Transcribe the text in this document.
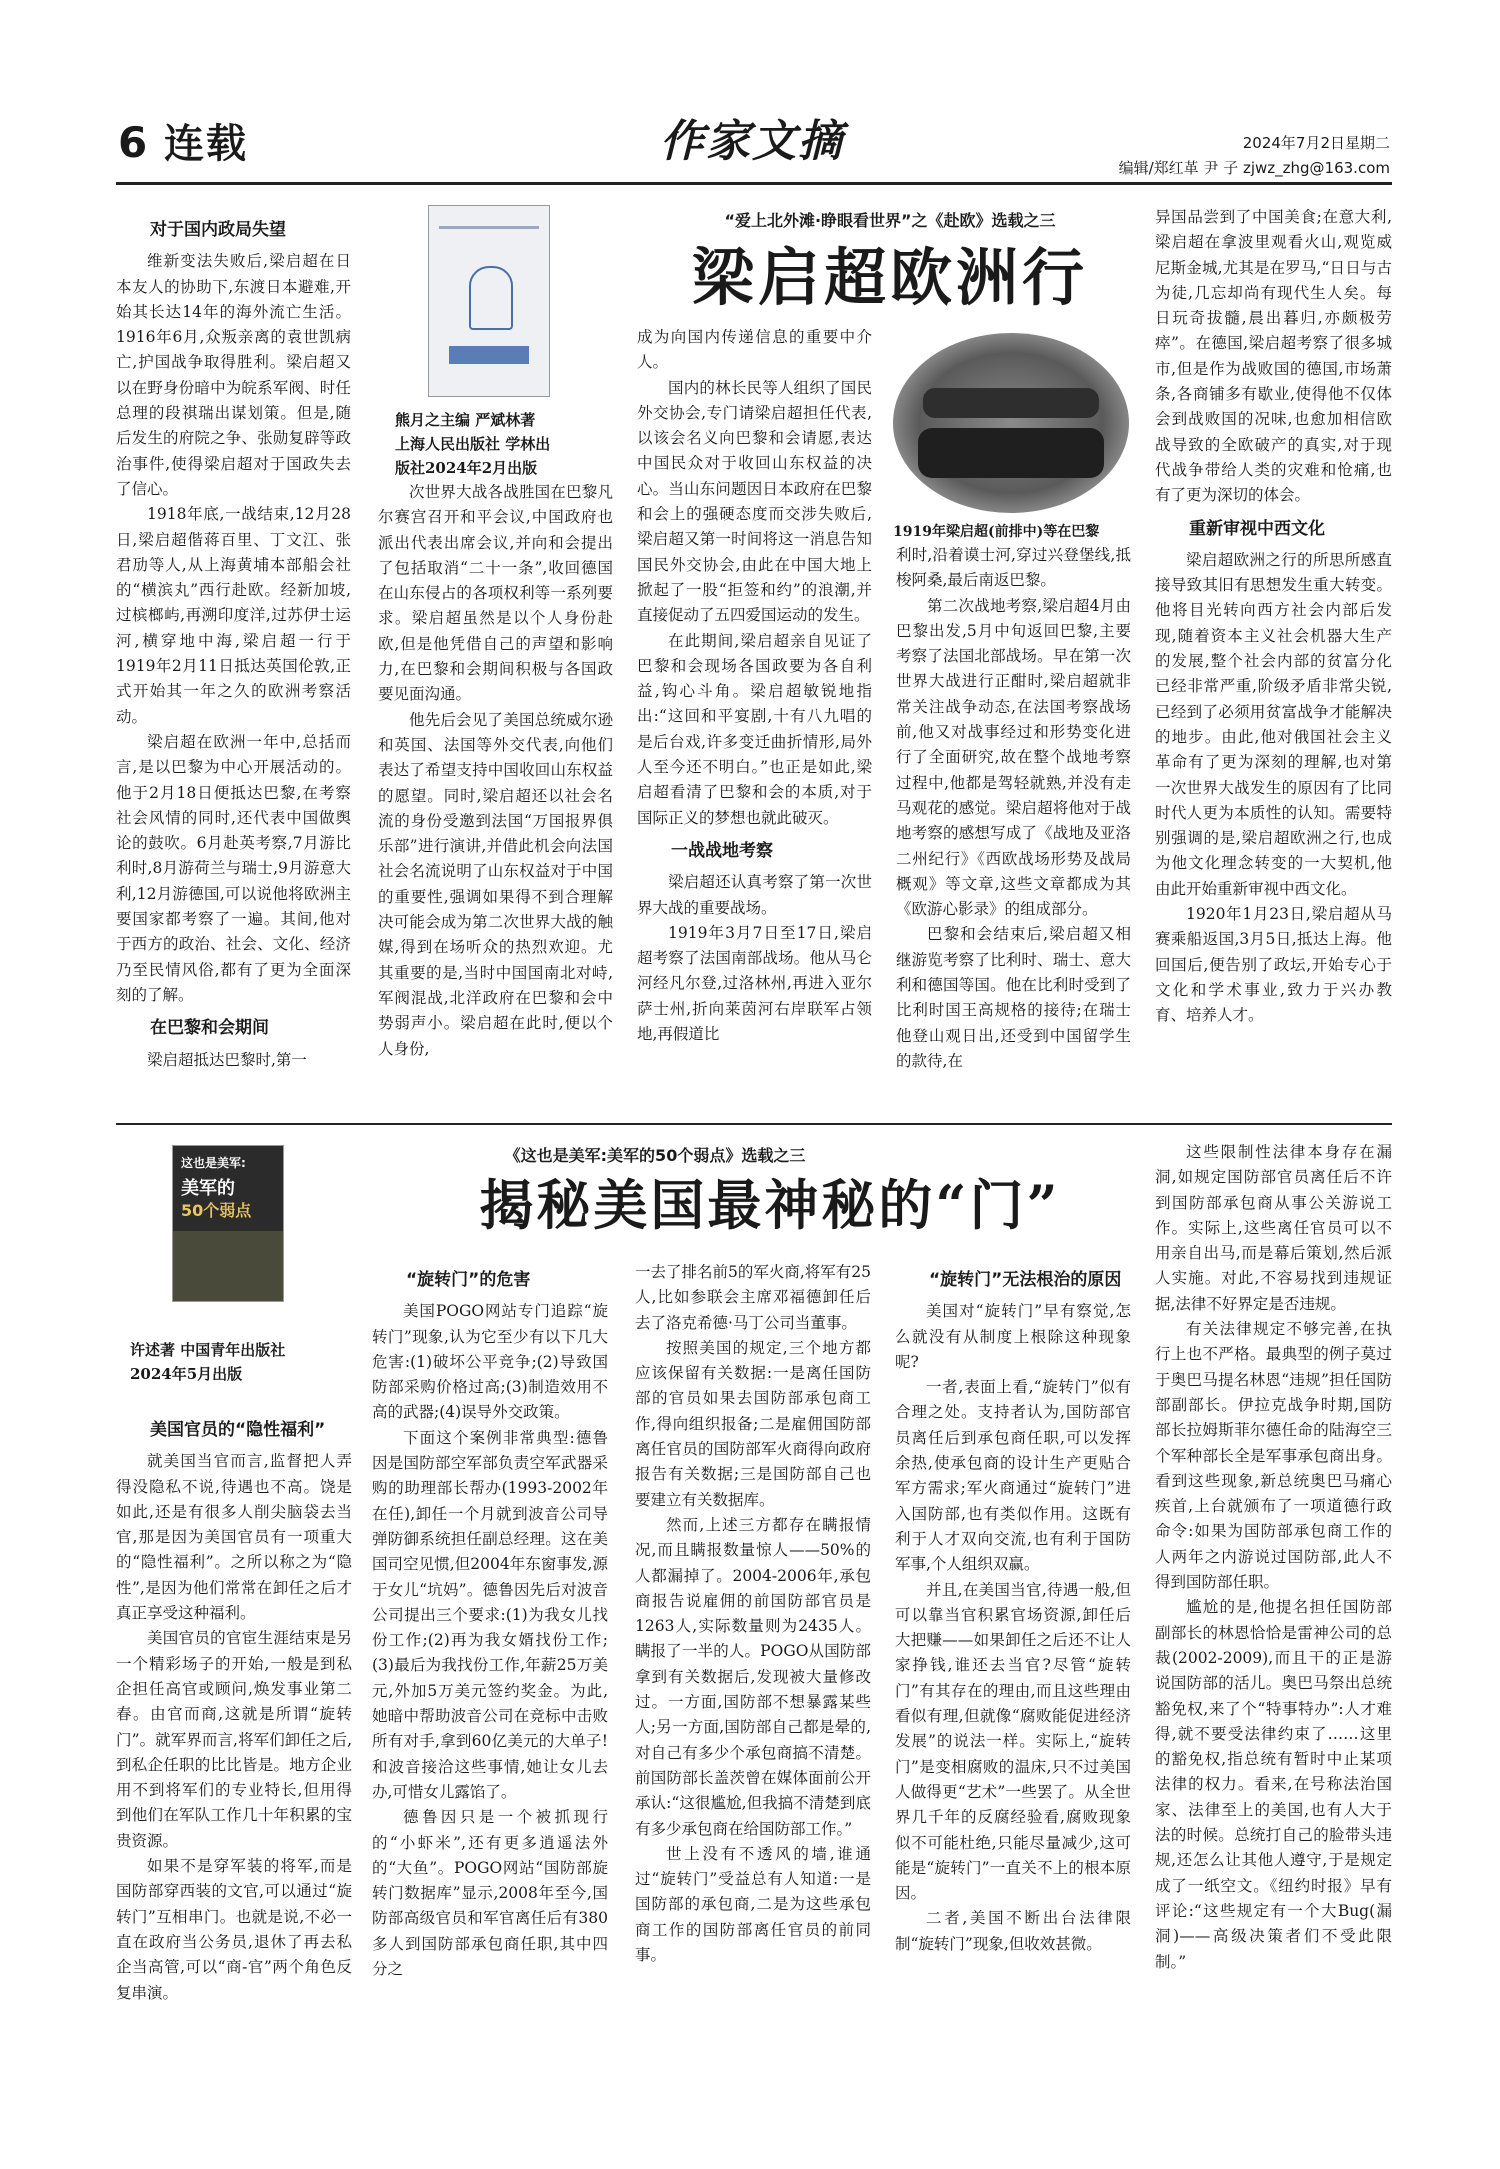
6 连载	作家文摘	2024年7月2日星期二
编辑/郑红革 尹 子 zjwz_zhg@163.com
对于国内政局失望

维新变法失败后,梁启超在日本友人的协助下,东渡日本避难,开始其长达14年的海外流亡生活。1916年6月,众叛亲离的袁世凯病亡,护国战争取得胜利。梁启超又以在野身份暗中为皖系军阀、时任总理的段祺瑞出谋划策。但是,随后发生的府院之争、张勋复辟等政治事件,使得梁启超对于国政失去了信心。

1918年底,一战结束,12月28日,梁启超偕蒋百里、丁文江、张君劢等人,从上海黄埔本部船会社的“横滨丸”西行赴欧。经新加坡,过槟榔屿,再溯印度洋,过苏伊士运河,横穿地中海,梁启超一行于1919年2月11日抵达英国伦敦,正式开始其一年之久的欧洲考察活动。

梁启超在欧洲一年中,总括而言,是以巴黎为中心开展活动的。他于2月18日便抵达巴黎,在考察社会风情的同时,还代表中国做舆论的鼓吹。6月赴英考察,7月游比利时,8月游荷兰与瑞士,9月游意大利,12月游德国,可以说他将欧洲主要国家都考察了一遍。其间,他对于西方的政治、社会、文化、经济乃至民情风俗,都有了更为全面深刻的了解。

在巴黎和会期间

梁启超抵达巴黎时,第一

熊月之主编 严斌林著
上海人民出版社 学林出
版社2024年2月出版

次世界大战各战胜国在巴黎凡尔赛宫召开和平会议,中国政府也派出代表出席会议,并向和会提出了包括取消“二十一条”,收回德国在山东侵占的各项权利等一系列要求。梁启超虽然是以个人身份赴欧,但是他凭借自己的声望和影响力,在巴黎和会期间积极与各国政要见面沟通。

他先后会见了美国总统威尔逊和英国、法国等外交代表,向他们表达了希望支持中国收回山东权益的愿望。同时,梁启超还以社会名流的身份受邀到法国“万国报界俱乐部”进行演讲,并借此机会向法国社会名流说明了山东权益对于中国的重要性,强调如果得不到合理解决可能会成为第二次世界大战的触媒,得到在场听众的热烈欢迎。尤其重要的是,当时中国国南北对峙,军阀混战,北洋政府在巴黎和会中势弱声小。梁启超在此时,便以个人身份,

“爱上北外滩·睁眼看世界”之《赴欧》选载之三
梁启超欧洲行

成为向国内传递信息的重要中介人。

国内的林长民等人组织了国民外交协会,专门请梁启超担任代表,以该会名义向巴黎和会请愿,表达中国民众对于收回山东权益的决心。当山东问题因日本政府在巴黎和会上的强硬态度而交涉失败后,梁启超又第一时间将这一消息告知国民外交协会,由此在中国大地上掀起了一股“拒签和约”的浪潮,并直接促动了五四爱国运动的发生。

在此期间,梁启超亲自见证了巴黎和会现场各国政要为各自利益,钩心斗角。梁启超敏锐地指出:“这回和平宴剧,十有八九唱的是后台戏,许多变迁曲折情形,局外人至今还不明白。”也正是如此,梁启超看清了巴黎和会的本质,对于国际正义的梦想也就此破灭。

一战战地考察

梁启超还认真考察了第一次世界大战的重要战场。

1919年3月7日至17日,梁启超考察了法国南部战场。他从马仑河经凡尔登,过洛林州,再进入亚尔萨士州,折向莱茵河右岸联军占领地,再假道比

1919年梁启超(前排中)等在巴黎

利时,沿着谟士河,穿过兴登堡线,抵梭阿桑,最后南返巴黎。

第二次战地考察,梁启超4月由巴黎出发,5月中旬返回巴黎,主要考察了法国北部战场。早在第一次世界大战进行正酣时,梁启超就非常关注战争动态,在法国考察战场前,他又对战事经过和形势变化进行了全面研究,故在整个战地考察过程中,他都是驾轻就熟,并没有走马观花的感觉。梁启超将他对于战地考察的感想写成了《战地及亚洛二州纪行》《西欧战场形势及战局概观》等文章,这些文章都成为其《欧游心影录》的组成部分。

巴黎和会结束后,梁启超又相继游览考察了比利时、瑞士、意大利和德国等国。他在比利时受到了比利时国王高规格的接待;在瑞士他登山观日出,还受到中国留学生的款待,在

异国品尝到了中国美食;在意大利,梁启超在拿波里观看火山,观览威尼斯金城,尤其是在罗马,“日日与古为徒,几忘却尚有现代生人矣。每日玩奇拔髓,晨出暮归,亦颇极劳瘁”。在德国,梁启超考察了很多城市,但是作为战败国的德国,市场萧条,各商铺多有歇业,使得他不仅体会到战败国的况味,也愈加相信欧战导致的全欧破产的真实,对于现代战争带给人类的灾难和怆痛,也有了更为深切的体会。

重新审视中西文化

梁启超欧洲之行的所思所感直接导致其旧有思想发生重大转变。他将目光转向西方社会内部后发现,随着资本主义社会机器大生产的发展,整个社会内部的贫富分化已经非常严重,阶级矛盾非常尖锐,已经到了必须用贫富战争才能解决的地步。由此,他对俄国社会主义革命有了更为深刻的理解,也对第一次世界大战发生的原因有了比同时代人更为本质性的认知。需要特别强调的是,梁启超欧洲之行,也成为他文化理念转变的一大契机,他由此开始重新审视中西文化。

1920年1月23日,梁启超从马赛乘船返国,3月5日,抵达上海。他回国后,便告别了政坛,开始专心于文化和学术事业,致力于兴办教育、培养人才。

这也是美军:
美军的
50个弱点
许述著 中国青年出版社
2024年5月出版
《这也是美军:美军的50个弱点》选载之三
揭秘美国最神秘的“门”
美国官员的“隐性福利”

就美国当官而言,监督把人弄得没隐私不说,待遇也不高。饶是如此,还是有很多人削尖脑袋去当官,那是因为美国官员有一项重大的“隐性福利”。之所以称之为“隐性”,是因为他们常常在卸任之后才真正享受这种福利。

美国官员的官宦生涯结束是另一个精彩场子的开始,一般是到私企担任高官或顾问,焕发事业第二春。由官而商,这就是所谓“旋转门”。就军界而言,将军们卸任之后,到私企任职的比比皆是。地方企业用不到将军们的专业特长,但用得到他们在军队工作几十年积累的宝贵资源。

如果不是穿军装的将军,而是国防部穿西装的文官,可以通过“旋转门”互相串门。也就是说,不必一直在政府当公务员,退休了再去私企当高管,可以“商-官”两个角色反复串演。

“旋转门”的危害

美国POGO网站专门追踪“旋转门”现象,认为它至少有以下几大危害:(1)破坏公平竞争;(2)导致国防部采购价格过高;(3)制造效用不高的武器;(4)误导外交政策。

下面这个案例非常典型:德鲁因是国防部空军部负责空军武器采购的助理部长帮办(1993-2002年在任),卸任一个月就到波音公司导弹防御系统担任副总经理。这在美国司空见惯,但2004年东窗事发,源于女儿“坑妈”。德鲁因先后对波音公司提出三个要求:(1)为我女儿找份工作;(2)再为我女婿找份工作;(3)最后为我找份工作,年薪25万美元,外加5万美元签约奖金。为此,她暗中帮助波音公司在竞标中击败所有对手,拿到60亿美元的大单子!和波音接洽这些事情,她让女儿去办,可惜女儿露馅了。

德鲁因只是一个被抓现行的“小虾米”,还有更多逍遥法外的“大鱼”。POGO网站“国防部旋转门数据库”显示,2008年至今,国防部高级官员和军官离任后有380多人到国防部承包商任职,其中四分之

一去了排名前5的军火商,将军有25人,比如参联会主席邓福德卸任后去了洛克希德·马丁公司当董事。

按照美国的规定,三个地方都应该保留有关数据:一是离任国防部的官员如果去国防部承包商工作,得向组织报备;二是雇佣国防部离任官员的国防部军火商得向政府报告有关数据;三是国防部自己也要建立有关数据库。

然而,上述三方都存在瞒报情况,而且瞒报数量惊人——50%的人都漏掉了。2004-2006年,承包商报告说雇佣的前国防部官员是1263人,实际数量则为2435人。瞒报了一半的人。POGO从国防部拿到有关数据后,发现被大量修改过。一方面,国防部不想暴露某些人;另一方面,国防部自己都是晕的,对自己有多少个承包商搞不清楚。前国防部长盖茨曾在媒体面前公开承认:“这很尴尬,但我搞不清楚到底有多少承包商在给国防部工作。”

世上没有不透风的墙,谁通过“旋转门”受益总有人知道:一是国防部的承包商,二是为这些承包商工作的国防部离任官员的前同事。

“旋转门”无法根治的原因

美国对“旋转门”早有察觉,怎么就没有从制度上根除这种现象呢?

一者,表面上看,“旋转门”似有合理之处。支持者认为,国防部官员离任后到承包商任职,可以发挥余热,使承包商的设计生产更贴合军方需求;军火商通过“旋转门”进入国防部,也有类似作用。这既有利于人才双向交流,也有利于国防军事,个人组织双赢。

并且,在美国当官,待遇一般,但可以靠当官积累官场资源,卸任后大把赚——如果卸任之后还不让人家挣钱,谁还去当官?尽管“旋转门”有其存在的理由,而且这些理由看似有理,但就像“腐败能促进经济发展”的说法一样。实际上,“旋转门”是变相腐败的温床,只不过美国人做得更“艺术”一些罢了。从全世界几千年的反腐经验看,腐败现象似不可能杜绝,只能尽量减少,这可能是“旋转门”一直关不上的根本原因。

二者,美国不断出台法律限制“旋转门”现象,但收效甚微。

这些限制性法律本身存在漏洞,如规定国防部官员离任后不许到国防部承包商从事公关游说工作。实际上,这些离任官员可以不用亲自出马,而是幕后策划,然后派人实施。对此,不容易找到违规证据,法律不好界定是否违规。

有关法律规定不够完善,在执行上也不严格。最典型的例子莫过于奥巴马提名林恩“违规”担任国防部副部长。伊拉克战争时期,国防部长拉姆斯菲尔德任命的陆海空三个军种部长全是军事承包商出身。看到这些现象,新总统奥巴马痛心疾首,上台就颁布了一项道德行政命令:如果为国防部承包商工作的人两年之内游说过国防部,此人不得到国防部任职。

尴尬的是,他提名担任国防部副部长的林恩恰恰是雷神公司的总裁(2002-2009),而且干的正是游说国防部的活儿。奥巴马祭出总统豁免权,来了个“特事特办”:人才难得,就不要受法律约束了……这里的豁免权,指总统有暂时中止某项法律的权力。看来,在号称法治国家、法律至上的美国,也有人大于法的时候。总统打自己的脸带头违规,还怎么让其他人遵守,于是规定成了一纸空文。《纽约时报》早有评论:“这些规定有一个大Bug(漏洞)——高级决策者们不受此限制。”
